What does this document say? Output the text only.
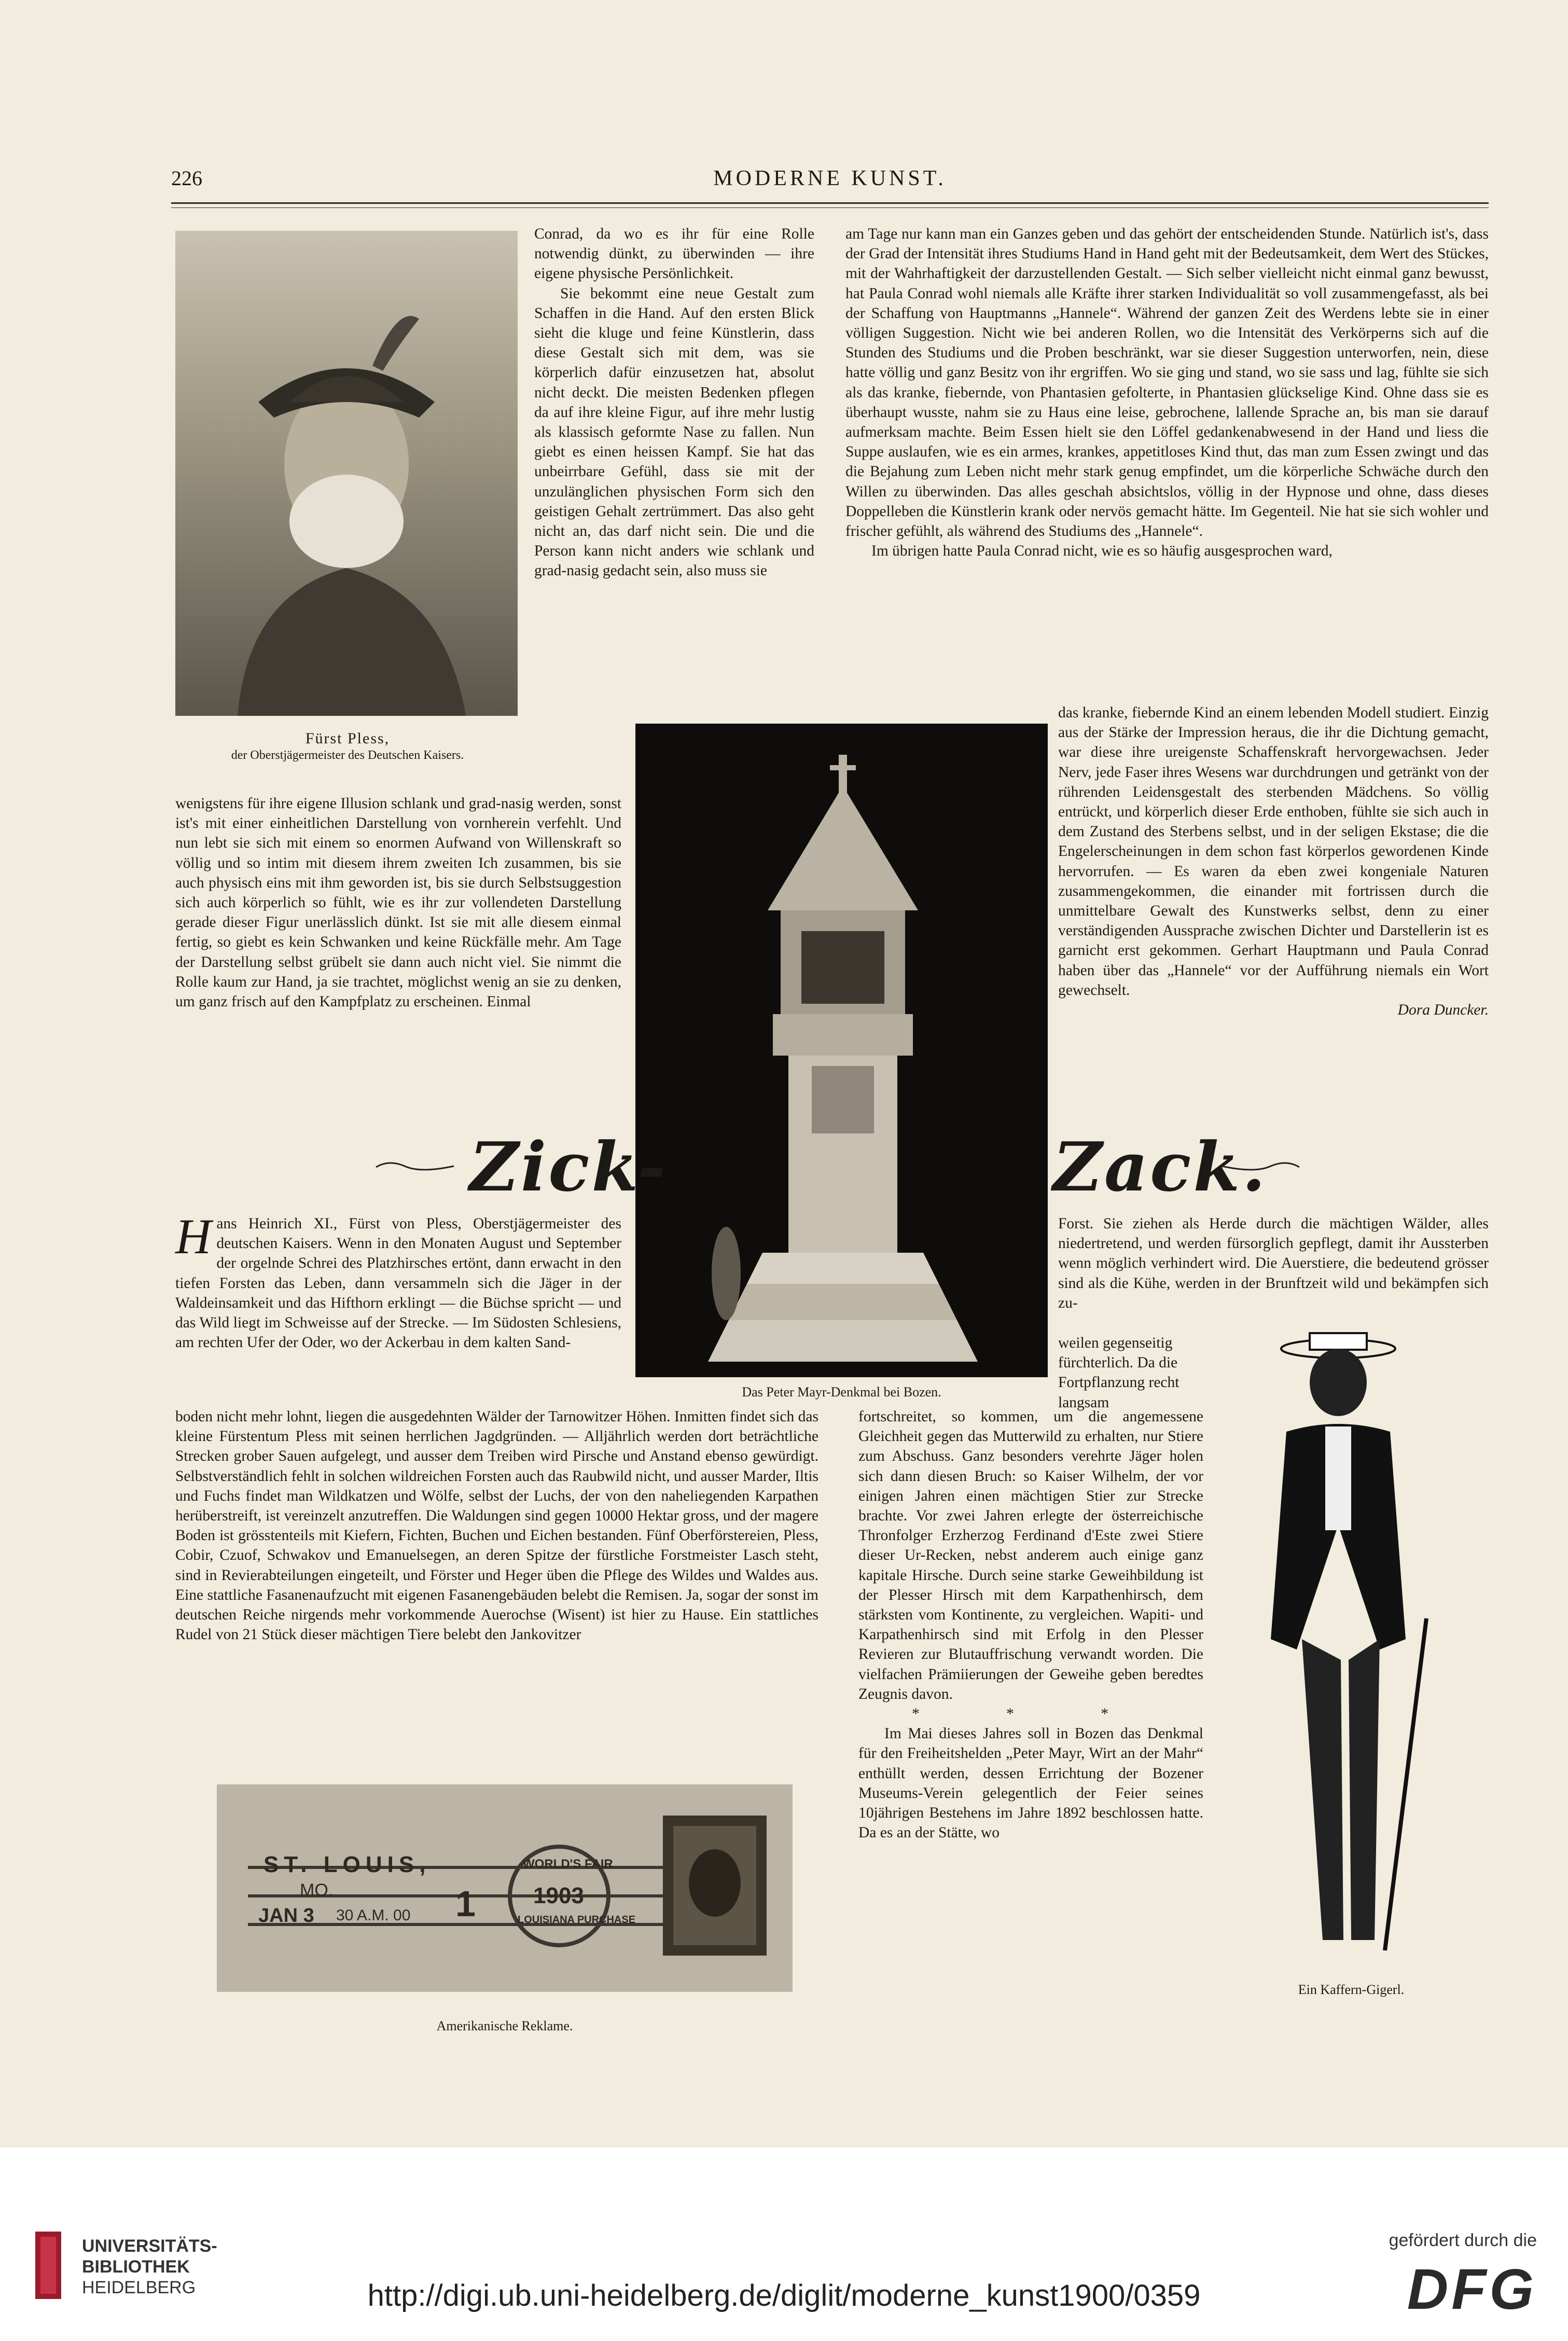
226	MODERNE KUNST.
Fürst Pless,
der Oberstjägermeister des Deutschen Kaisers.

Conrad, da wo es ihr für eine Rolle notwendig dünkt, zu überwinden — ihre eigene physische Persönlichkeit.

Sie bekommt eine neue Gestalt zum Schaffen in die Hand. Auf den ersten Blick sieht die kluge und feine Künstlerin, dass diese Gestalt sich mit dem, was sie körperlich dafür einzusetzen hat, absolut nicht deckt. Die meisten Bedenken pflegen da auf ihre kleine Figur, auf ihre mehr lustig als klassisch geformte Nase zu fallen. Nun giebt es einen heissen Kampf. Sie hat das unbeirrbare Gefühl, dass sie mit der unzulänglichen physischen Form sich den geistigen Gehalt zertrümmert. Das also geht nicht an, das darf nicht sein. Die und die Person kann nicht anders wie schlank und grad-nasig gedacht sein, also muss sie

wenigstens für ihre eigene Illusion schlank und grad-nasig werden, sonst ist's mit einer einheitlichen Darstellung von vornherein verfehlt. Und nun lebt sie sich mit einem so enormen Aufwand von Willenskraft so völlig und so intim mit diesem ihrem zweiten Ich zusammen, bis sie auch physisch eins mit ihm geworden ist, bis sie durch Selbstsuggestion sich auch körperlich so fühlt, wie es ihr zur vollendeten Darstellung gerade dieser Figur unerlässlich dünkt. Ist sie mit alle diesem einmal fertig, so giebt es kein Schwanken und keine Rückfälle mehr. Am Tage der Darstellung selbst grübelt sie dann auch nicht viel. Sie nimmt die Rolle kaum zur Hand, ja sie trachtet, möglichst wenig an sie zu denken, um ganz frisch auf den Kampfplatz zu erscheinen. Einmal

am Tage nur kann man ein Ganzes geben und das gehört der entscheidenden Stunde. Natürlich ist's, dass der Grad der Intensität ihres Studiums Hand in Hand geht mit der Bedeutsamkeit, dem Wert des Stückes, mit der Wahrhaftigkeit der darzustellenden Gestalt. — Sich selber vielleicht nicht einmal ganz bewusst, hat Paula Conrad wohl niemals alle Kräfte ihrer starken Individualität so voll zusammengefasst, als bei der Schaffung von Hauptmanns „Hannele“. Während der ganzen Zeit des Werdens lebte sie in einer völligen Suggestion. Nicht wie bei anderen Rollen, wo die Intensität des Verkörperns sich auf die Stunden des Studiums und die Proben beschränkt, war sie dieser Suggestion unterworfen, nein, diese hatte völlig und ganz Besitz von ihr ergriffen. Wo sie ging und stand, wo sie sass und lag, fühlte sie sich als das kranke, fiebernde, von Phantasien gefolterte, in Phantasien glückselige Kind. Ohne dass sie es überhaupt wusste, nahm sie zu Haus eine leise, gebrochene, lallende Sprache an, bis man sie darauf aufmerksam machte. Beim Essen hielt sie den Löffel gedankenabwesend in der Hand und liess die Suppe auslaufen, wie es ein armes, krankes, appetitloses Kind thut, das man zum Essen zwingt und das die Bejahung zum Leben nicht mehr stark genug empfindet, um die körperliche Schwäche durch den Willen zu überwinden. Das alles geschah absichtslos, völlig in der Hypnose und ohne, dass dieses Doppelleben die Künstlerin krank oder nervös gemacht hätte. Im Gegenteil. Nie hat sie sich wohler und frischer gefühlt, als während des Studiums des „Hannele“.

Im übrigen hatte Paula Conrad nicht, wie es so häufig ausgesprochen ward,

Das Peter Mayr-Denkmal bei Bozen.

das kranke, fiebernde Kind an einem lebenden Modell studiert. Einzig aus der Stärke der Impression heraus, die ihr die Dichtung gemacht, war diese ihre ureigenste Schaffenskraft hervorgewachsen. Jeder Nerv, jede Faser ihres Wesens war durchdrungen und getränkt von der rührenden Leidensgestalt des sterbenden Mädchens. So völlig entrückt, und körperlich dieser Erde enthoben, fühlte sie sich auch in dem Zustand des Sterbens selbst, und in der seligen Ekstase; die die Engelerscheinungen in dem schon fast körperlos gewordenen Kinde hervorrufen. — Es waren da eben zwei kongeniale Naturen zusammengekommen, die einander mit fortrissen durch die unmittelbare Gewalt des Kunstwerks selbst, denn zu einer verständigenden Aussprache zwischen Dichter und Darstellerin ist es garnicht erst gekommen. Gerhart Hauptmann und Paula Conrad haben über das „Hannele“ vor der Aufführung niemals ein Wort gewechselt.

Dora Duncker.
Zick-	Zack.

Hans Heinrich XI., Fürst von Pless, Oberstjägermeister des deutschen Kaisers. Wenn in den Monaten August und September der orgelnde Schrei des Platzhirsches ertönt, dann erwacht in den tiefen Forsten das Leben, dann versammeln sich die Jäger in der Waldeinsamkeit und das Hifthorn erklingt — die Büchse spricht — und das Wild liegt im Schweisse auf der Strecke. — Im Südosten Schlesiens, am rechten Ufer der Oder, wo der Ackerbau in dem kalten Sand-

boden nicht mehr lohnt, liegen die ausgedehnten Wälder der Tarnowitzer Höhen. Inmitten findet sich das kleine Fürstentum Pless mit seinen herrlichen Jagdgründen. — Alljährlich werden dort beträchtliche Strecken grober Sauen aufgelegt, und ausser dem Treiben wird Pirsche und Anstand ebenso gewürdigt. Selbstverständlich fehlt in solchen wildreichen Forsten auch das Raubwild nicht, und ausser Marder, Iltis und Fuchs findet man Wildkatzen und Wölfe, selbst der Luchs, der von den naheliegenden Karpathen herüberstreift, ist vereinzelt anzutreffen. Die Waldungen sind gegen 10000 Hektar gross, und der magere Boden ist grösstenteils mit Kiefern, Fichten, Buchen und Eichen bestanden. Fünf Oberförstereien, Pless, Cobir, Czuof, Schwakov und Emanuelsegen, an deren Spitze der fürstliche Forstmeister Lasch steht, sind in Revierabteilungen eingeteilt, und Förster und Heger üben die Pflege des Wildes und Waldes aus. Eine stattliche Fasanenaufzucht mit eigenen Fasanengebäuden belebt die Remisen. Ja, sogar der sonst im deutschen Reiche nirgends mehr vorkommende Auerochse (Wisent) ist hier zu Hause. Ein stattliches Rudel von 21 Stück dieser mächtigen Tiere belebt den Jankovitzer

Forst. Sie ziehen als Herde durch die mächtigen Wälder, alles niedertretend, und werden fürsorglich gepflegt, damit ihr Aussterben wenn möglich verhindert wird. Die Auerstiere, die bedeutend grösser sind als die Kühe, werden in der Brunftzeit wild und bekämpfen sich zu-

weilen gegenseitig fürchterlich. Da die Fortpflanzung recht langsam

Ein Kaffern-Gigerl.

fortschreitet, so kommen, um die angemessene Gleichheit gegen das Mutterwild zu erhalten, nur Stiere zum Abschuss. Ganz besonders verehrte Jäger holen sich dann diesen Bruch: so Kaiser Wilhelm, der vor einigen Jahren einen mächtigen Stier zur Strecke brachte. Vor zwei Jahren erlegte der österreichische Thronfolger Erzherzog Ferdinand d'Este zwei Stiere dieser Ur-Recken, nebst anderem auch einige ganz kapitale Hirsche. Durch seine starke Geweihbildung ist der Plesser Hirsch mit dem Karpathenhirsch, dem stärksten vom Kontinente, zu vergleichen. Wapiti- und Karpathenhirsch sind mit Erfolg in den Plesser Revieren zur Blutauffrischung verwandt worden. Die vielfachen Prämiierungen der Geweihe geben beredtes Zeugnis davon.

* * *

Im Mai dieses Jahres soll in Bozen das Denkmal für den Freiheitshelden „Peter Mayr, Wirt an der Mahr“ enthüllt werden, dessen Errichtung der Bozener Museums-Verein gelegentlich der Feier seines 10jährigen Bestehens im Jahre 1892 beschlossen hatte. Da es an der Stätte, wo

ST. LOUIS,
MO.
JAN 3 30 A.M. 00 1
WORLD'S FAIR
1903
LOUISIANA PURCHASE
Amerikanische Reklame.
UNIVERSITÄTS-
BIBLIOTHEK
HEIDELBERG	http://digi.ub.uni-heidelberg.de/diglit/moderne_kunst1900/0359
gefördert durch die
DFG
